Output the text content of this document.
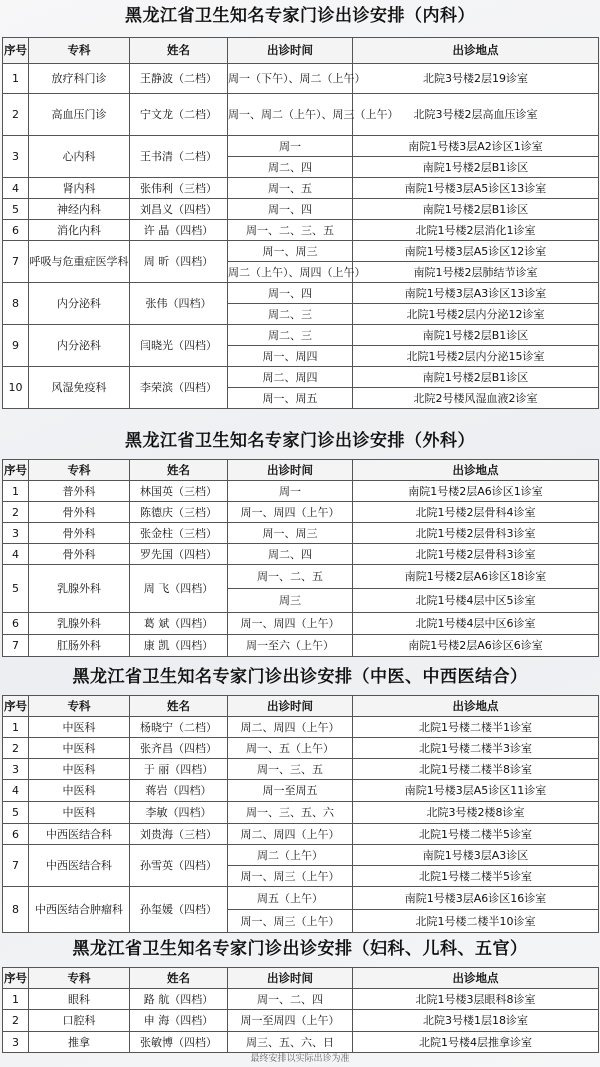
黑龙江省卫生知名专家门诊出诊安排（内科）
序号	专科	姓名	出诊时间	出诊地点
1	放疗科门诊	王静波（二档）	周一（下午）、周二（上午）	北院3号楼2层19诊室
2	高血压门诊	宁文龙（二档）	周一、周二（上午）、周三（上午）	北院3号楼2层高血压诊室
3	心内科	王书清（二档）	周一	南院1号楼3层A2诊区1诊室
			周二、四	南院1号楼2层B1诊区
4	肾内科	张伟利（三档）	周一、五	南院1号楼3层A5诊区13诊室
5	神经内科	刘昌义（四档）	周一、四	南院1号楼2层B1诊区
6	消化内科	许 晶（四档）	周一、二、三、五	北院1号楼2层消化1诊室
7	呼吸与危重症医学科	周 昕（四档）	周一、周三	南院1号楼3层A5诊区12诊室
			周二（上午）、周四（上午）	南院1号楼2层肺结节诊室
8	内分泌科	张伟（四档）	周一、四	南院1号楼3层A3诊区13诊室
			周二、三	北院1号楼2层内分泌12诊室
9	内分泌科	闫晓光（四档）	周二、三	南院1号楼2层B1诊区
			周一、周四	北院1号楼2层内分泌15诊室
10	风湿免疫科	李荣滨（四档）	周二、周四	南院1号楼2层B1诊区
			周一、周五	北院2号楼风湿血液2诊室
黑龙江省卫生知名专家门诊出诊安排（外科）
序号	专科	姓名	出诊时间	出诊地点
1	普外科	林国英（三档）	周一	南院1号楼2层A6诊区1诊室
2	骨外科	陈德庆（三档）	周一、周四（上午）	北院1号楼2层骨科4诊室
3	骨外科	张金柱（三档）	周一、周三	北院1号楼2层骨科3诊室
4	骨外科	罗先国（四档）	周二、四	北院1号楼2层骨科3诊室
5	乳腺外科	周 飞（四档）	周一、二、五	南院1号楼2层A6诊区18诊室
			周三	北院1号楼4层中区5诊室
6	乳腺外科	葛 斌（四档）	周一、周四（上午）	北院1号楼4层中区6诊室
7	肛肠外科	康 凯（四档）	周一至六（上午）	南院1号楼2层A6诊区6诊室
黑龙江省卫生知名专家门诊出诊安排（中医、中西医结合）
序号	专科	姓名	出诊时间	出诊地点
1	中医科	杨晓宁（二档）	周二、周四（上午）	北院1号楼二楼半1诊室
2	中医科	张齐昌（四档）	周一、五（上午）	北院1号楼二楼半3诊室
3	中医科	于 丽（四档）	周一、三、五	北院1号楼二楼半8诊室
4	中医科	蒋岩（四档）	周一至周五	南院1号楼3层A5诊区11诊室
5	中医科	李敏（四档）	周一、三、五、六	北院3号楼2楼8诊室
6	中西医结合科	刘贵海（三档）	周二、周四（上午）	北院1号楼二楼半5诊室
7	中西医结合科	孙雪英（四档）	周二（上午）	南院1号楼3层A3诊区
			周一、周三（上午）	北院1号楼二楼半5诊室
8	中西医结合肿瘤科	孙玺媛（四档）	周五（上午）	南院1号楼3层A6诊区16诊室
			周一、周三（上午）	北院1号楼二楼半10诊室
黑龙江省卫生知名专家门诊出诊安排（妇科、儿科、五官）
序号	专科	姓名	出诊时间	出诊地点
1	眼科	路 航（四档）	周一、二、四	北院1号楼3层眼科8诊室
2	口腔科	申 海（四档）	周一至周四（上午）	北院3号楼1层18诊室
3	推拿	张敏博（四档）	周三、五、六、日	北院1号楼4层推拿诊室
最终安排以实际出诊为准
